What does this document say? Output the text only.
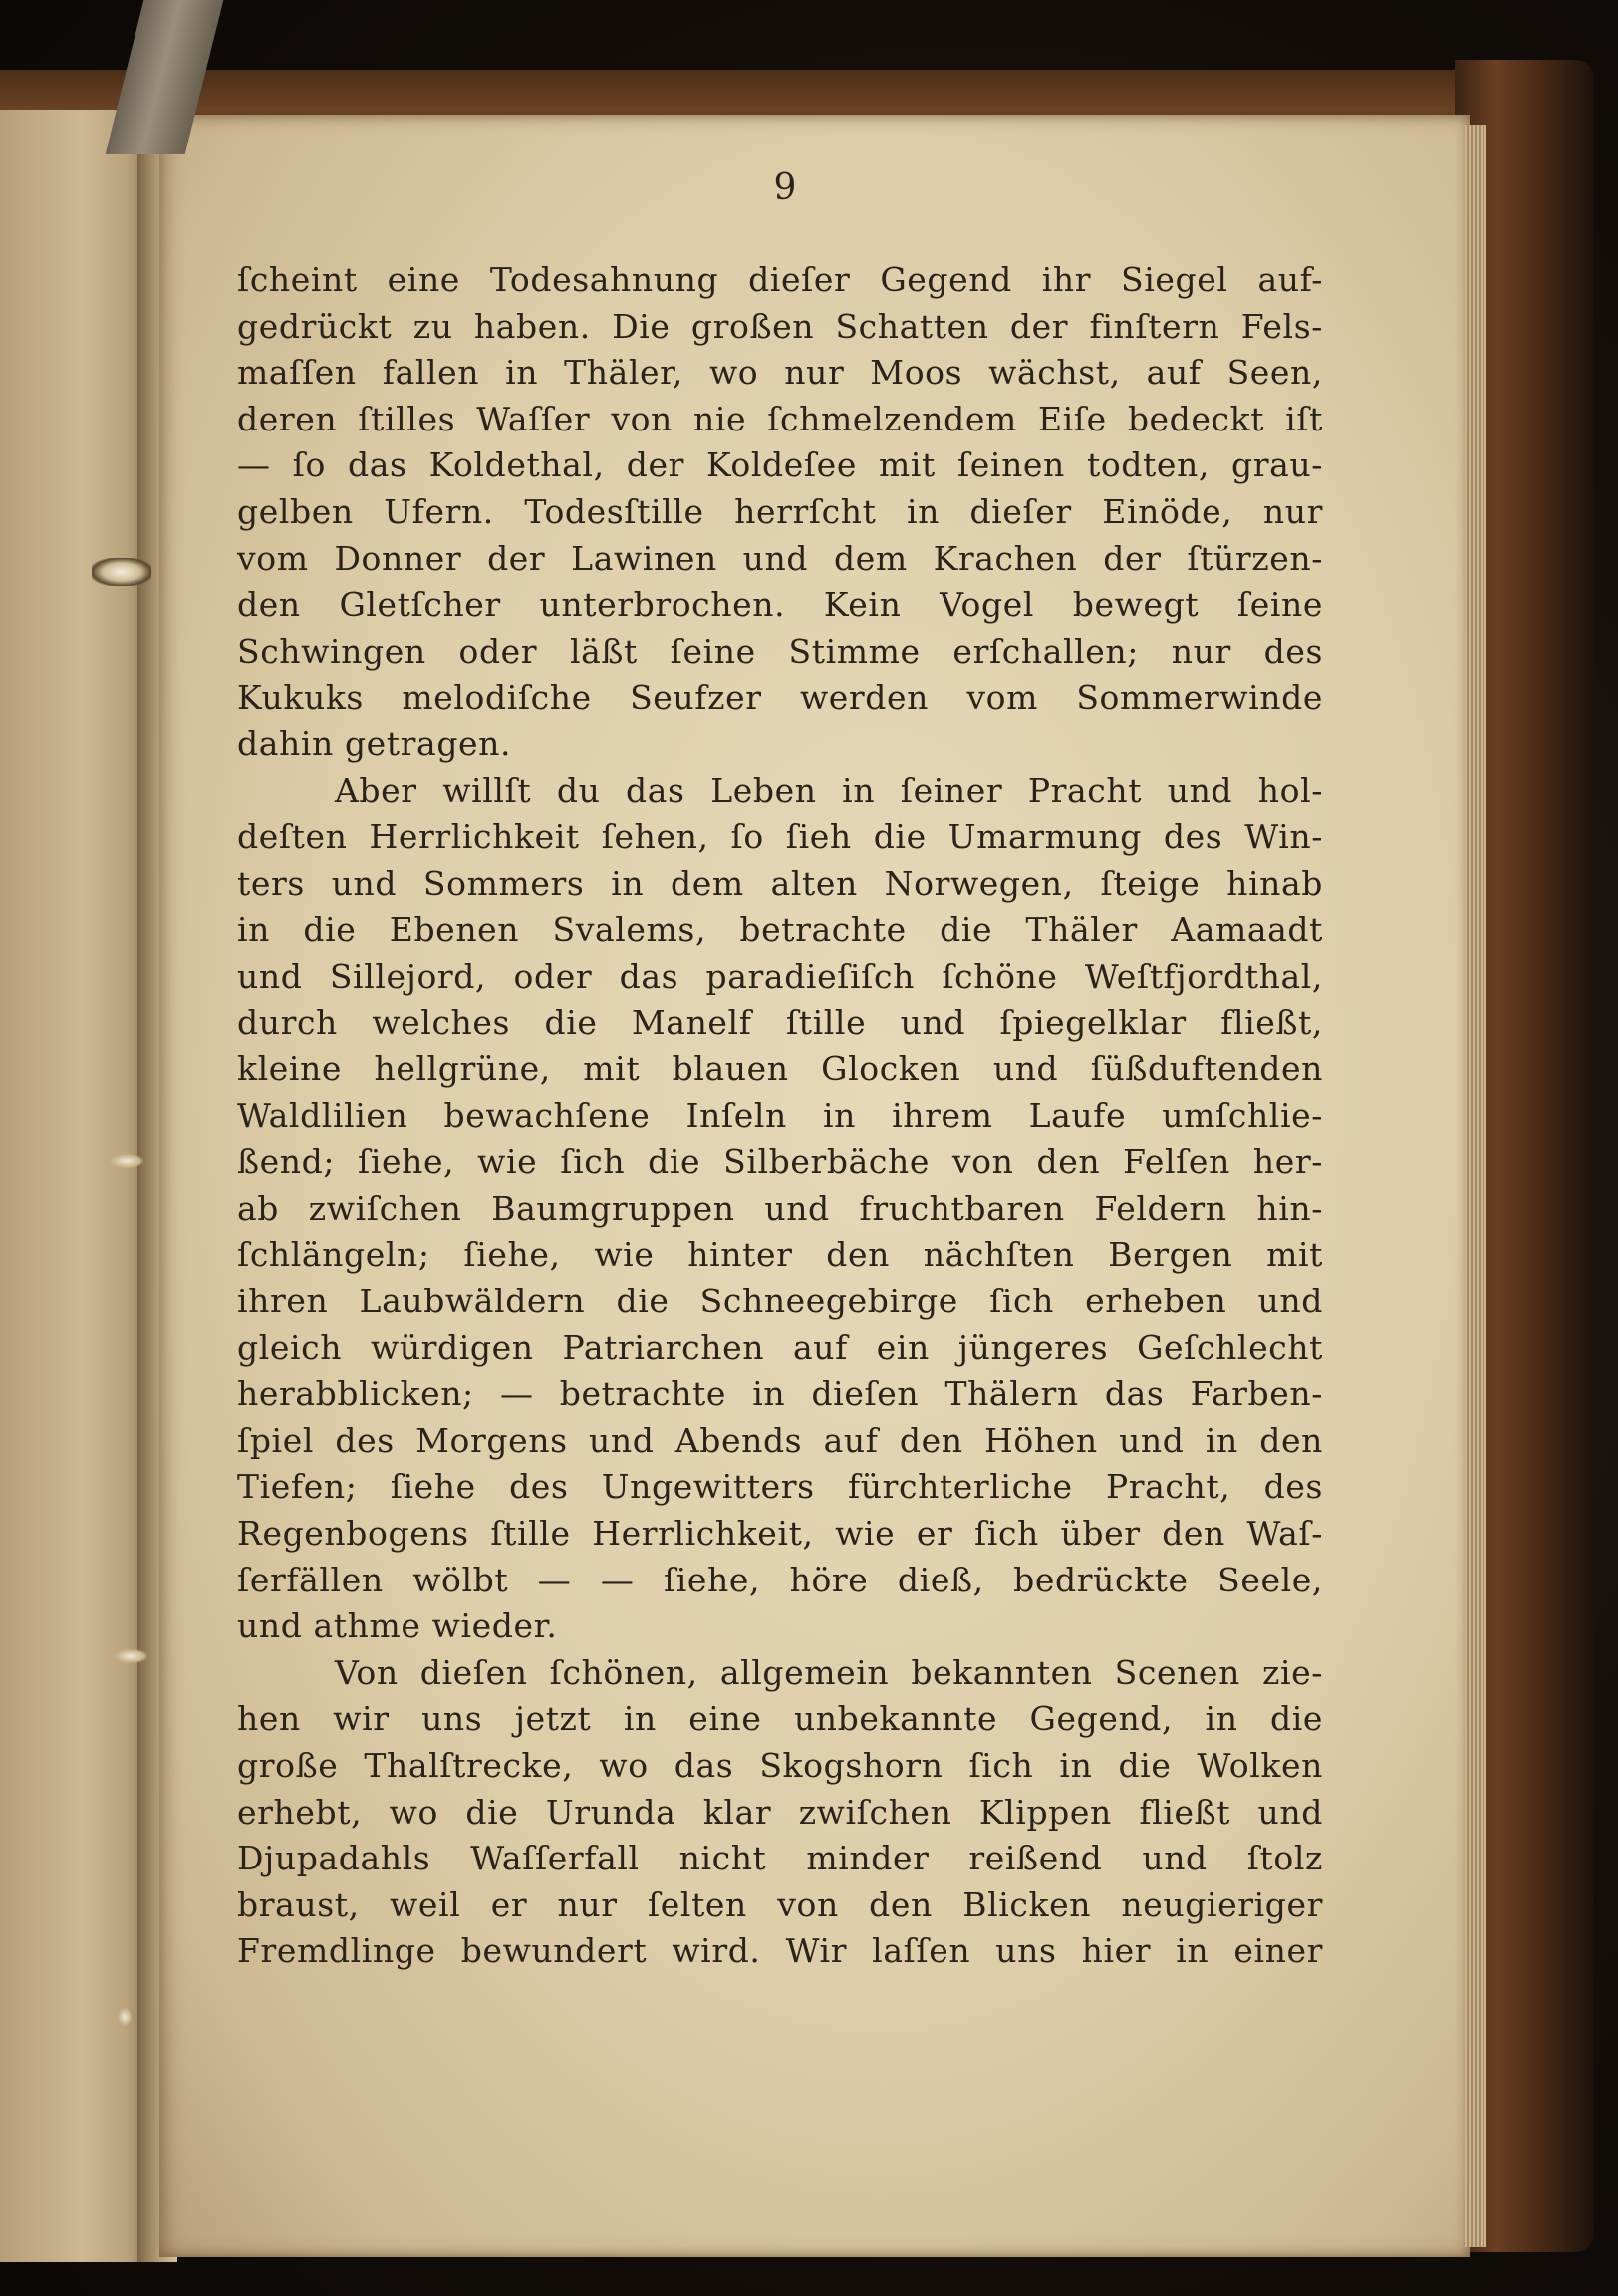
9
ſcheint eine Todesahnung dieſer Gegend ihr Siegel auf-
gedrückt zu haben. Die großen Schatten der finſtern Fels-
maſſen fallen in Thäler, wo nur Moos wächst, auf Seen,
deren ſtilles Waſſer von nie ſchmelzendem Eiſe bedeckt iſt
— ſo das Koldethal, der Koldeſee mit ſeinen todten, grau-
gelben Ufern. Todesſtille herrſcht in dieſer Einöde, nur
vom Donner der Lawinen und dem Krachen der ſtürzen-
den Gletſcher unterbrochen. Kein Vogel bewegt ſeine
Schwingen oder läßt ſeine Stimme erſchallen; nur des
Kukuks melodiſche Seufzer werden vom Sommerwinde
dahin getragen.
Aber willſt du das Leben in ſeiner Pracht und hol-
deſten Herrlichkeit ſehen, ſo ſieh die Umarmung des Win-
ters und Sommers in dem alten Norwegen, ſteige hinab
in die Ebenen Svalems, betrachte die Thäler Aamaadt
und Sillejord, oder das paradieſiſch ſchöne Weſtfjordthal,
durch welches die Manelf ſtille und ſpiegelklar fließt,
kleine hellgrüne, mit blauen Glocken und ſüßduftenden
Waldlilien bewachſene Inſeln in ihrem Laufe umſchlie-
ßend; ſiehe, wie ſich die Silberbäche von den Felſen her-
ab zwiſchen Baumgruppen und fruchtbaren Feldern hin-
ſchlängeln; ſiehe, wie hinter den nächſten Bergen mit
ihren Laubwäldern die Schneegebirge ſich erheben und
gleich würdigen Patriarchen auf ein jüngeres Geſchlecht
herabblicken; — betrachte in dieſen Thälern das Farben-
ſpiel des Morgens und Abends auf den Höhen und in den
Tiefen; ſiehe des Ungewitters fürchterliche Pracht, des
Regenbogens ſtille Herrlichkeit, wie er ſich über den Waſ-
ſerfällen wölbt — — ſiehe, höre dieß, bedrückte Seele,
und athme wieder.
Von dieſen ſchönen, allgemein bekannten Scenen zie-
hen wir uns jetzt in eine unbekannte Gegend, in die
große Thalſtrecke, wo das Skogshorn ſich in die Wolken
erhebt, wo die Urunda klar zwiſchen Klippen fließt und
Djupadahls Waſſerfall nicht minder reißend und ſtolz
braust, weil er nur ſelten von den Blicken neugieriger
Fremdlinge bewundert wird. Wir laſſen uns hier in einer
